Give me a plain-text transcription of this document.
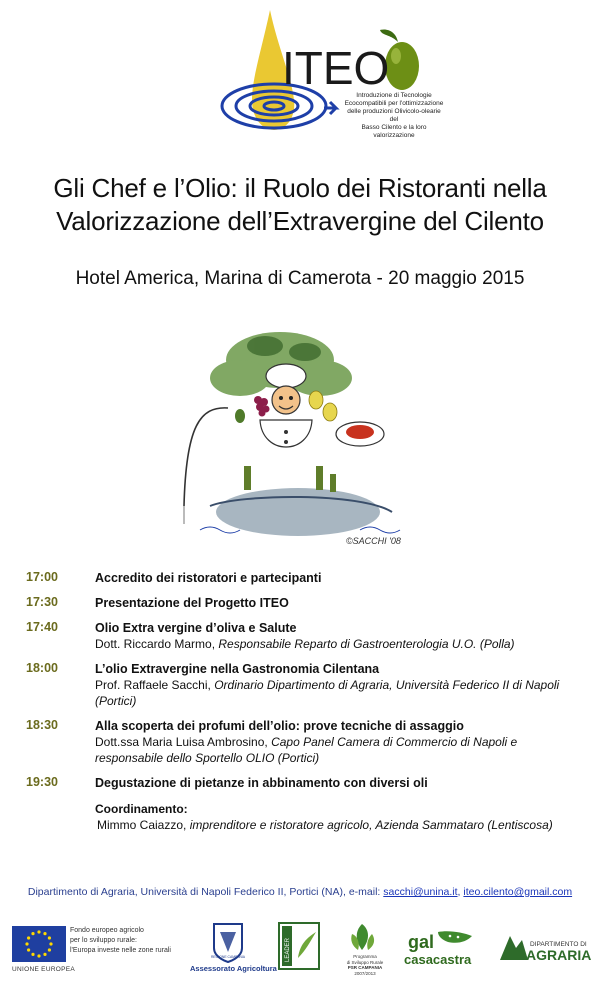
ITEO
Introduzione di Tecnologie
Ecocompatibili per l'ottimizzazione
delle produzioni Olivicolo-olearie del
Basso Cilento e la loro valorizzazione
Gli Chef e l’Olio: il Ruolo dei Ristoranti nella
Valorizzazione dell’Extravergine del Cilento
Hotel America, Marina di Camerota - 20 maggio 2015
©SACCHI '08
17:00	Accredito dei ristoratori e partecipanti
17:30	Presentazione del Progetto ITEO
17:40	Olio Extra vergine d’oliva e Salute
Dott. Riccardo Marmo, Responsabile Reparto di Gastroenterologia U.O. (Polla)
18:00	L’olio Extravergine nella Gastronomia Cilentana
Prof. Raffaele Sacchi, Ordinario Dipartimento di Agraria, Università Federico II di Napoli (Portici)
18:30	Alla scoperta dei profumi dell’olio: prove tecniche di assaggio
Dott.ssa Maria Luisa Ambrosino, Capo Panel Camera di Commercio di Napoli e responsabile dello Sportello OLIO (Portici)
19:30	Degustazione di pietanze in abbinamento con diversi oli
Coordinamento:
Mimmo Caiazzo, imprenditore e ristoratore agricolo, Azienda Sammataro (Lentiscosa)
Dipartimento di Agraria, Università di Napoli Federico II, Portici (NA), e-mail: sacchi@unina.it, iteo.cilento@gmail.com
UNIONE EUROPEA
Fondo europeo agricolo
per lo sviluppo rurale:
l'Europa investe nelle zone rurali
REGIONE CAMPANIA
Assessorato Agricoltura
LEADER	Programma
di Sviluppo Rurale
PSR CAMPANIA
2007/2013
gal
casacastra
DIPARTIMENTO DI
AGRARIA
